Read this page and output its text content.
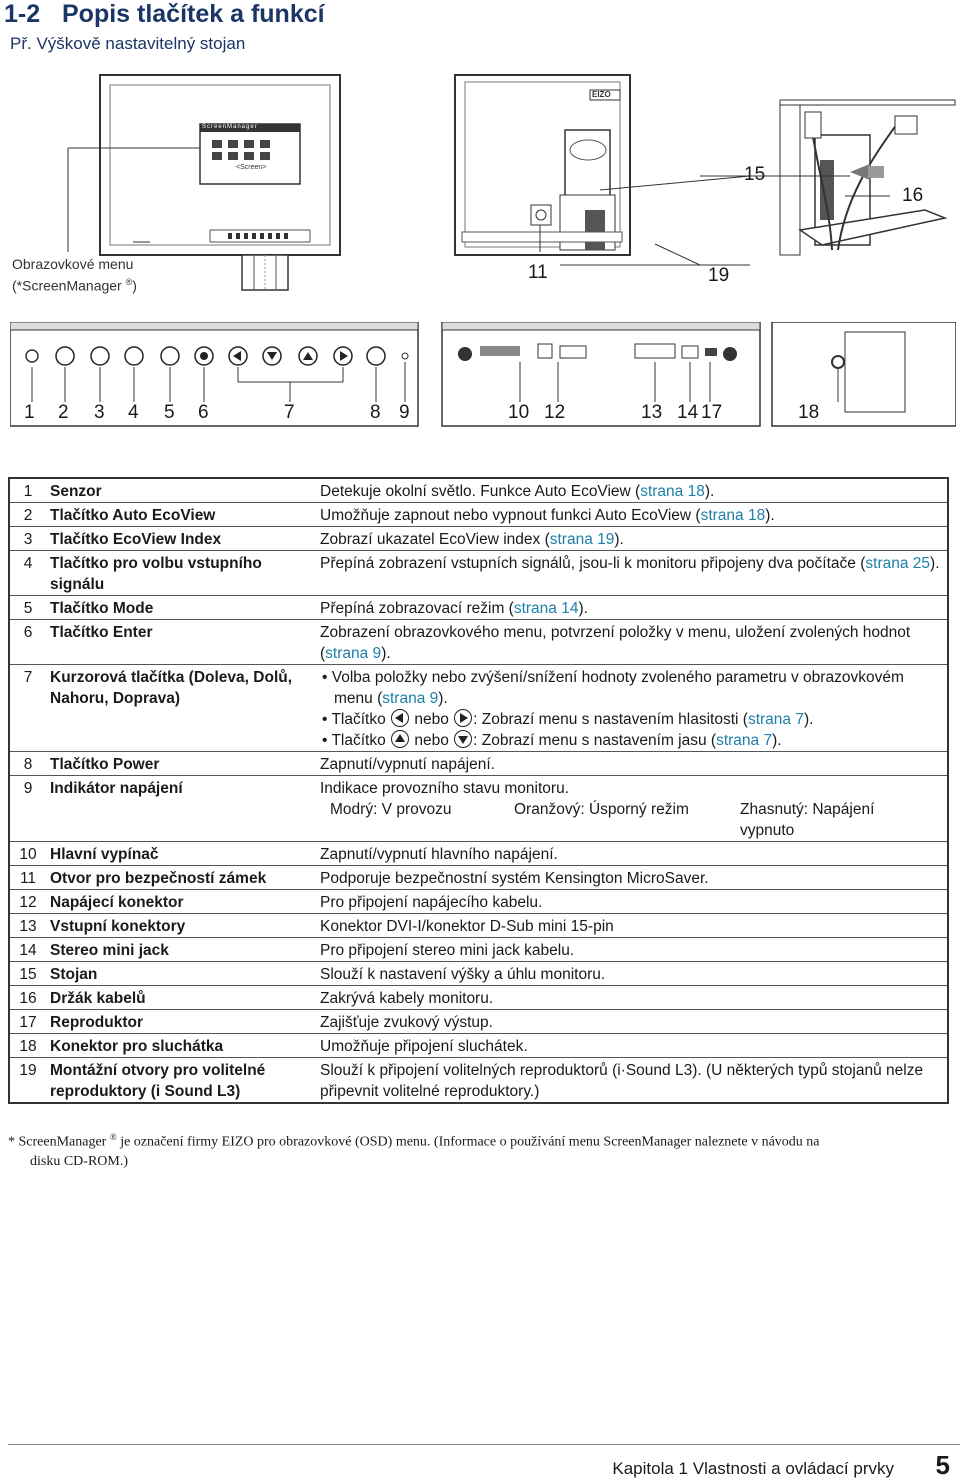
1-2 Popis tlačítek a funkcí
Př. Výškově nastavitelný stojan
15
16
11	19
ScreenManager
<Screen>
EIZO
Obrazovkové menu
(*ScreenManager ®)
1 2 3 4 5 6	7	8 9	10 12	13 14 17	18
1	Senzor	Detekuje okolní světlo. Funkce Auto EcoView (strana 18).
2	Tlačítko Auto EcoView	Umožňuje zapnout nebo vypnout funkci Auto EcoView (strana 18).
3	Tlačítko EcoView Index	Zobrazí ukazatel EcoView index (strana 19).
4	Tlačítko pro volbu vstupního signálu	Přepíná zobrazení vstupních signálů, jsou-li k monitoru připojeny dva počítače (strana 25).
5	Tlačítko Mode	Přepíná zobrazovací režim (strana 14).
6	Tlačítko Enter	Zobrazení obrazovkového menu, potvrzení položky v menu, uložení zvolených hodnot (strana 9).
7	Kurzorová tlačítka (Doleva, Dolů, Nahoru, Doprava)	• Volba položky nebo zvýšení/snížení hodnoty zvoleného parametru v obrazovkovém menu (strana 9).
• Tlačítko  nebo : Zobrazí menu s nastavením hlasitosti (strana 7).
• Tlačítko  nebo : Zobrazí menu s nastavením jasu (strana 7).

8	Tlačítko Power	Zapnutí/vypnutí napájení.
9	Indikátor napájení	Indikace provozního stavu monitoru.
Modrý: V provozu Oranžový: Úsporný režim Zhasnutý: Napájení vypnuto

10	Hlavní vypínač	Zapnutí/vypnutí hlavního napájení.
11	Otvor pro bezpečností zámek	Podporuje bezpečnostní systém Kensington MicroSaver.
12	Napájecí konektor	Pro připojení napájecího kabelu.
13	Vstupní konektory	Konektor DVI-I/konektor D-Sub mini 15-pin
14	Stereo mini jack	Pro připojení stereo mini jack kabelu.
15	Stojan	Slouží k nastavení výšky a úhlu monitoru.
16	Držák kabelů	Zakrývá kabely monitoru.
17	Reproduktor	Zajišťuje zvukový výstup.
18	Konektor pro sluchátka	Umožňuje připojení sluchátek.
19	Montážní otvory pro volitelné reproduktory (i Sound L3)	Slouží k připojení volitelných reproduktorů (i·Sound L3). (U některých typů stojanů nelze připevnit volitelné reproduktory.)
* ScreenManager ® je označení firmy EIZO pro obrazovkové (OSD) menu. (Informace o používání menu ScreenManager naleznete v návodu na
disku CD-ROM.)
Kapitola 1 Vlastnosti a ovládací prvky 5
